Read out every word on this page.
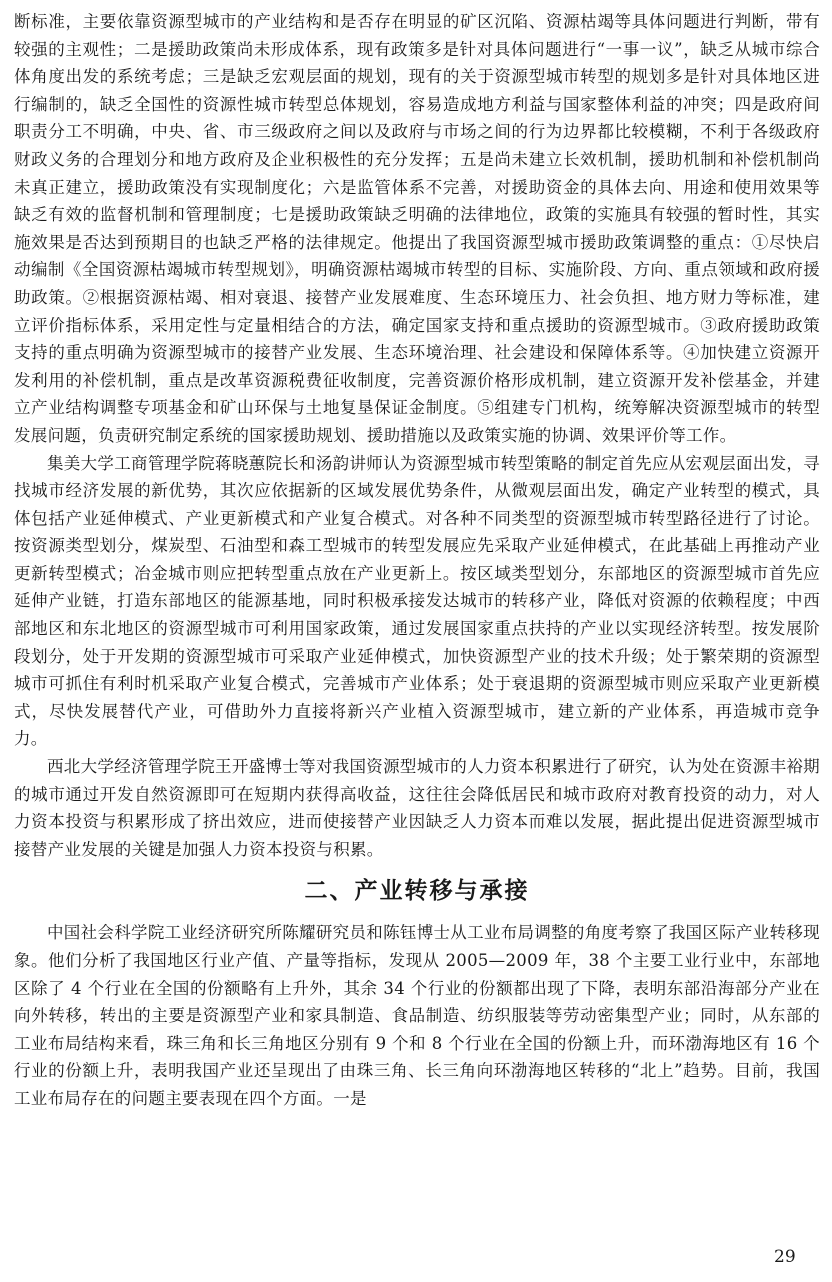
断标准，主要依靠资源型城市的产业结构和是否存在明显的矿区沉陷、资源枯竭等具体问题进行判断，带有较强的主观性；二是援助政策尚未形成体系，现有政策多是针对具体问题进行“一事一议”，缺乏从城市综合体角度出发的系统考虑；三是缺乏宏观层面的规划，现有的关于资源型城市转型的规划多是针对具体地区进行编制的，缺乏全国性的资源性城市转型总体规划，容易造成地方利益与国家整体利益的冲突；四是政府间职责分工不明确，中央、省、市三级政府之间以及政府与市场之间的行为边界都比较模糊，不利于各级政府财政义务的合理划分和地方政府及企业积极性的充分发挥；五是尚未建立长效机制，援助机制和补偿机制尚未真正建立，援助政策没有实现制度化；六是监管体系不完善，对援助资金的具体去向、用途和使用效果等缺乏有效的监督机制和管理制度；七是援助政策缺乏明确的法律地位，政策的实施具有较强的暂时性，其实施效果是否达到预期目的也缺乏严格的法律规定。他提出了我国资源型城市援助政策调整的重点：①尽快启动编制《全国资源枯竭城市转型规划》，明确资源枯竭城市转型的目标、实施阶段、方向、重点领域和政府援助政策。②根据资源枯竭、相对衰退、接替产业发展难度、生态环境压力、社会负担、地方财力等标准，建立评价指标体系，采用定性与定量相结合的方法，确定国家支持和重点援助的资源型城市。③政府援助政策支持的重点明确为资源型城市的接替产业发展、生态环境治理、社会建设和保障体系等。④加快建立资源开发利用的补偿机制，重点是改革资源税费征收制度，完善资源价格形成机制，建立资源开发补偿基金，并建立产业结构调整专项基金和矿山环保与土地复垦保证金制度。⑤组建专门机构，统筹解决资源型城市的转型发展问题，负责研究制定系统的国家援助规划、援助措施以及政策实施的协调、效果评价等工作。

集美大学工商管理学院蒋晓蕙院长和汤韵讲师认为资源型城市转型策略的制定首先应从宏观层面出发，寻找城市经济发展的新优势，其次应依据新的区域发展优势条件，从微观层面出发，确定产业转型的模式，具体包括产业延伸模式、产业更新模式和产业复合模式。对各种不同类型的资源型城市转型路径进行了讨论。按资源类型划分，煤炭型、石油型和森工型城市的转型发展应先采取产业延伸模式，在此基础上再推动产业更新转型模式；冶金城市则应把转型重点放在产业更新上。按区域类型划分，东部地区的资源型城市首先应延伸产业链，打造东部地区的能源基地，同时积极承接发达城市的转移产业，降低对资源的依赖程度；中西部地区和东北地区的资源型城市可利用国家政策，通过发展国家重点扶持的产业以实现经济转型。按发展阶段划分，处于开发期的资源型城市可采取产业延伸模式，加快资源型产业的技术升级；处于繁荣期的资源型城市可抓住有利时机采取产业复合模式，完善城市产业体系；处于衰退期的资源型城市则应采取产业更新模式，尽快发展替代产业，可借助外力直接将新兴产业植入资源型城市，建立新的产业体系，再造城市竞争力。

西北大学经济管理学院王开盛博士等对我国资源型城市的人力资本积累进行了研究，认为处在资源丰裕期的城市通过开发自然资源即可在短期内获得高收益，这往往会降低居民和城市政府对教育投资的动力，对人力资本投资与积累形成了挤出效应，进而使接替产业因缺乏人力资本而难以发展，据此提出促进资源型城市接替产业发展的关键是加强人力资本投资与积累。

二、产业转移与承接

中国社会科学院工业经济研究所陈耀研究员和陈钰博士从工业布局调整的角度考察了我国区际产业转移现象。他们分析了我国地区行业产值、产量等指标，发现从 2005—2009 年，38 个主要工业行业中，东部地区除了 4 个行业在全国的份额略有上升外，其余 34 个行业的份额都出现了下降，表明东部沿海部分产业在向外转移，转出的主要是资源型产业和家具制造、食品制造、纺织服装等劳动密集型产业；同时，从东部的工业布局结构来看，珠三角和长三角地区分别有 9 个和 8 个行业在全国的份额上升，而环渤海地区有 16 个行业的份额上升，表明我国产业还呈现出了由珠三角、长三角向环渤海地区转移的“北上”趋势。目前，我国工业布局存在的问题主要表现在四个方面。一是

29
